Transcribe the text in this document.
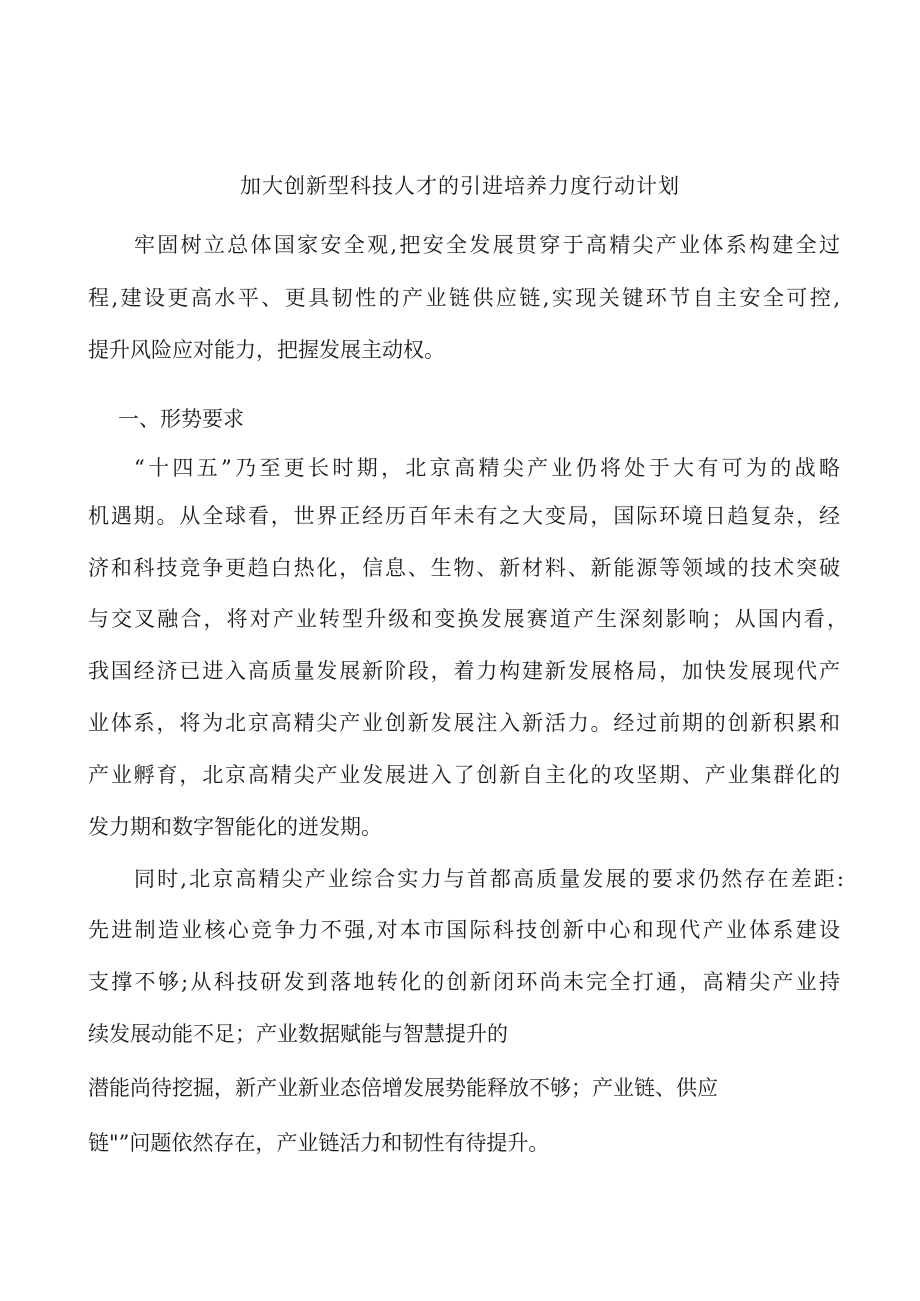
加大创新型科技人才的引进培养力度行动计划
牢固树立总体国家安全观,把安全发展贯穿于高精尖产业体系构建全过
程,建设更高水平、更具韧性的产业链供应链,实现关键环节自主安全可控,
提升风险应对能力，把握发展主动权。
一、形势要求
“十四五”乃至更长时期，北京高精尖产业仍将处于大有可为的战略
机遇期。从全球看，世界正经历百年未有之大变局，国际环境日趋复杂，经
济和科技竞争更趋白热化，信息、生物、新材料、新能源等领域的技术突破
与交叉融合，将对产业转型升级和变换发展赛道产生深刻影响；从国内看，
我国经济已进入高质量发展新阶段，着力构建新发展格局，加快发展现代产
业体系，将为北京高精尖产业创新发展注入新活力。经过前期的创新积累和
产业孵育，北京高精尖产业发展进入了创新自主化的攻坚期、产业集群化的
发力期和数字智能化的迸发期。
同时,北京高精尖产业综合实力与首都高质量发展的要求仍然存在差距:
先进制造业核心竞争力不强,对本市国际科技创新中心和现代产业体系建设
支撑不够;从科技研发到落地转化的创新闭环尚未完全打通，高精尖产业持
续发展动能不足；产业数据赋能与智慧提升的
潜能尚待挖掘，新产业新业态倍增发展势能释放不够；产业链、供应
链"”问题依然存在，产业链活力和韧性有待提升。
